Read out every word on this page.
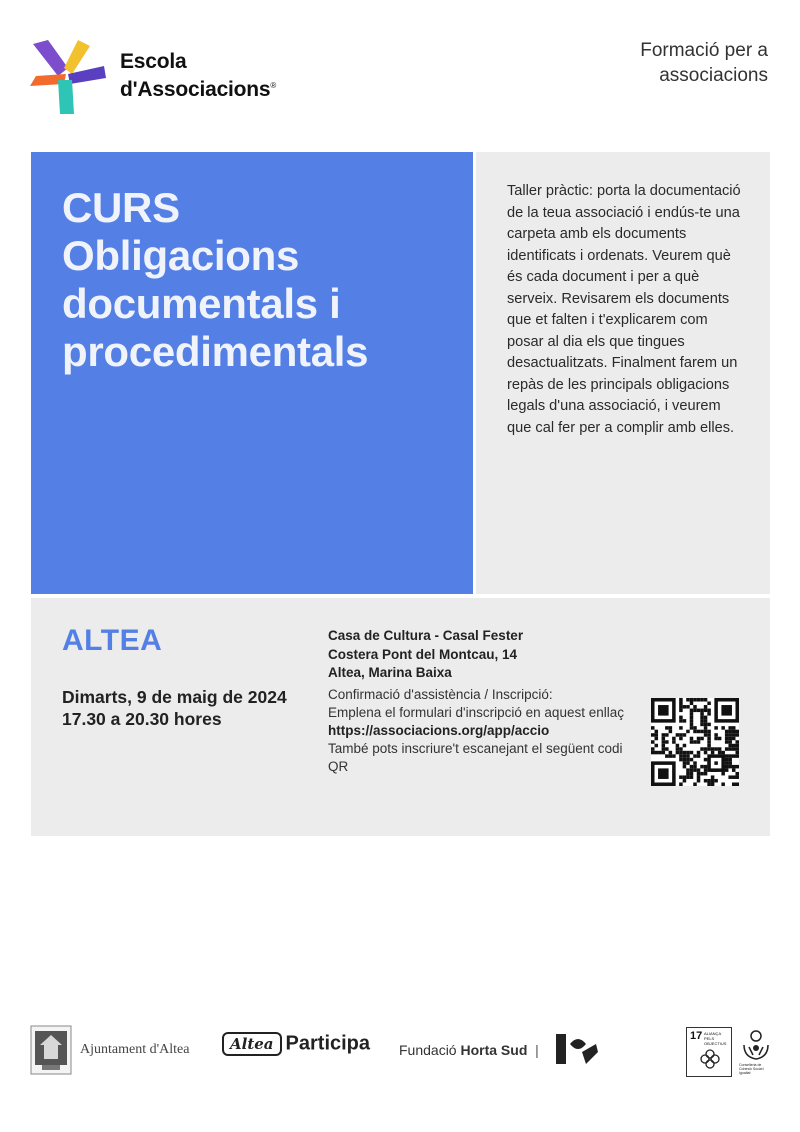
Escola
d'Associacions®
Formació per a
associacions
CURS
Obligacions
documentals i
procedimentals
Taller pràctic: porta la documentació de la teua associació i endús-te una carpeta amb els documents identificats i ordenats. Veurem què és cada document i per a què serveix. Revisarem els documents que et falten i t'explicarem com posar al dia els que tingues desactualitzats. Finalment farem un repàs de les principals obligacions legals d'una associació, i veurem que cal fer per a complir amb elles.
ALTEA
Dimarts, 9 de maig de 2024
17.30 a 20.30 hores
Casa de Cultura - Casal Fester
Costera Pont del Montcau, 14
Altea, Marina Baixa
Confirmació d'assistència / Inscripció:
Emplena el formulari d'inscripció en aquest enllaç
https://associacions.org/app/accio
També pots inscriure't escanejant el següent codi QR
Ajuntament d'Altea	Altea Participa Fundació Horta Sud  |
17 ALIANÇA PELS OBJECTIUS
Conselleria de Cohesió Social i Igualtat
